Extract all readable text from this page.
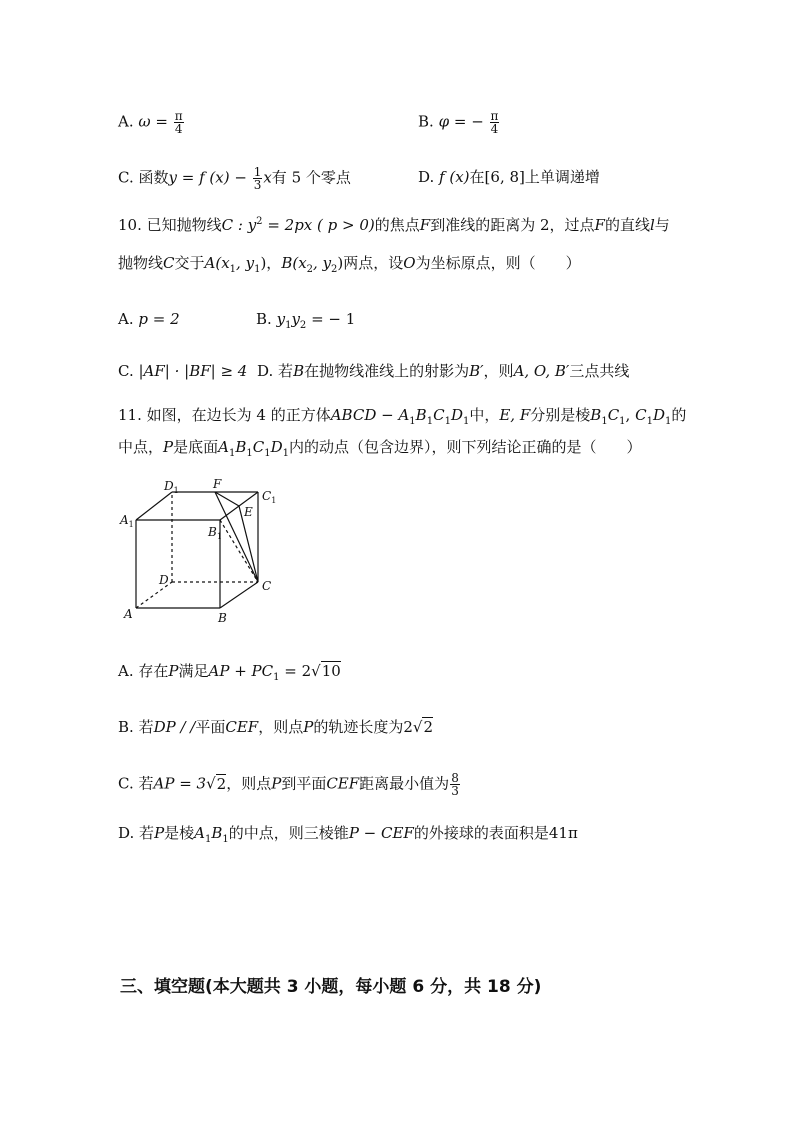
A. $\omega = \frac{\pi}{4}$	B. φ = − $\frac{\pi}{4}$
C. 函数y = f $(x) - \frac{1}{3}$ x有 5 个零点	D. f (x)在[6, 8]上单调递增
10. 已知抛物线C : $y^2 = 2px$ ( p > 0)的焦点F到准线的距离为 2，过点F的直线l与
抛物线C交于$A(x_1$, $y_1$)，$B(x_2$, $y_2$)两点，设O为坐标原点，则（　　）
A. p = 2	B. $y_1y_2$ = − 1
C. |AF| · |BF| ≥ 4 D. 若B在抛物线准线上的射影为B′，则A, O, B′三点共线
11. 如图，在边长为 4 的正方体ABCD − $A_1B_1C_1D_1$中，E, F分别是棱$B_1C_1$, $C_1D_1$的
中点，P是底面$A_1B_1C_1D_1$内的动点（包含边界），则下列结论正确的是（　　）
A	B
C
D
$A_1$
$B_1$
$C_1$
$D_1$
E
F
A. 存在P满足AP + $PC_1 = 2√10$
B. 若DP / /平面CEF，则点P的轨迹长度为2√2
C. 若AP = 3√2，则点P到平面CEF距离最小值为 $\frac{8}{3}$
D. 若P是棱$A_1B_1$的中点，则三棱锥P − CEF的外接球的表面积是41π
三、填空题(本大题共 3 小题，每小题 6 分，共 18 分)
